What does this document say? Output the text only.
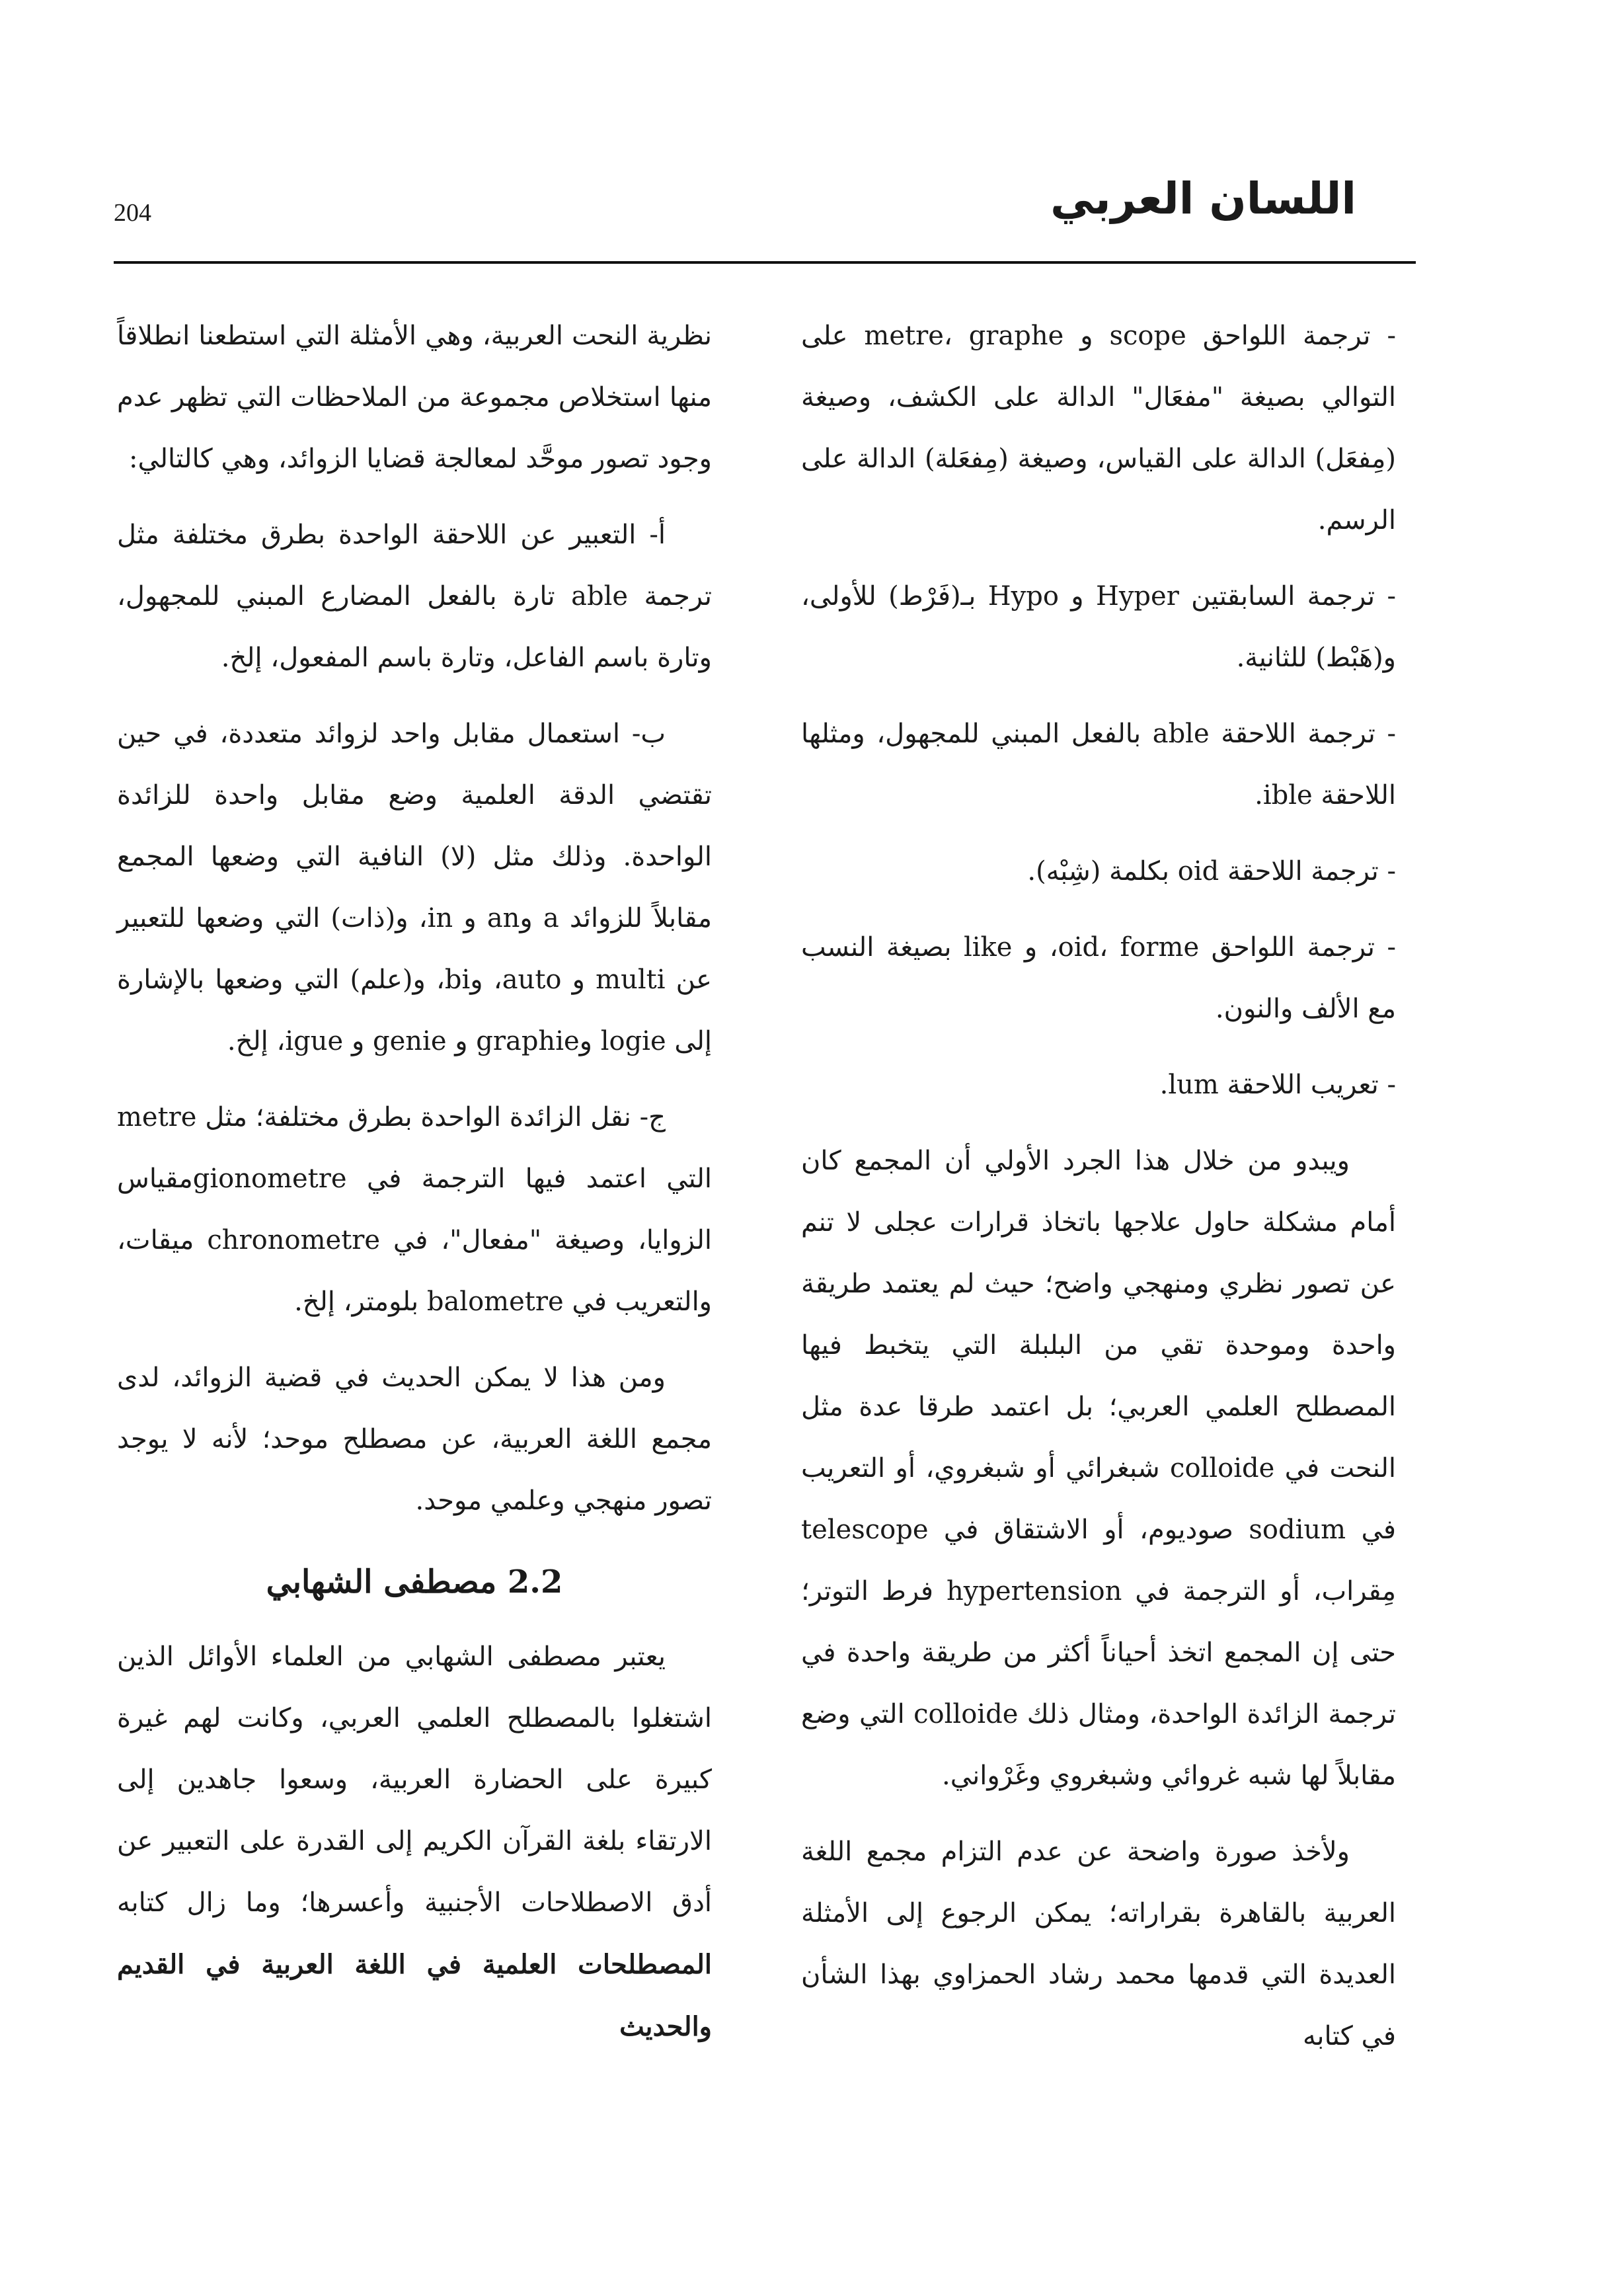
204	اللسان العربي

- ترجمة اللواحق scope و metre، graphe على التوالي بصيغة "مفعَال" الدالة على الكشف، وصيغة (مِفعَل) الدالة على القياس، وصيغة (مِفعَلة) الدالة على الرسم.

- ترجمة السابقتين Hyper و Hypo بـ(فَرْط) للأولى، و(هَبْط) للثانية.

- ترجمة اللاحقة able بالفعل المبني للمجهول، ومثلها اللاحقة ible.

- ترجمة اللاحقة oid بكلمة (شِبْه).

- ترجمة اللواحق oid، forme، و like بصيغة النسب مع الألف والنون.

- تعريب اللاحقة lum.

ويبدو من خلال هذا الجرد الأولي أن المجمع كان أمام مشكلة حاول علاجها باتخاذ قرارات عجلى لا تنم عن تصور نظري ومنهجي واضح؛ حيث لم يعتمد طريقة واحدة وموحدة تقي من البلبلة التي يتخبط فيها المصطلح العلمي العربي؛ بل اعتمد طرقا عدة مثل النحت في colloide شبغرائي أو شبغروي، أو التعريب في sodium صوديوم، أو الاشتقاق في telescope مِقراب، أو الترجمة في hypertension فرط التوتر؛ حتى إن المجمع اتخذ أحياناً أكثر من طريقة واحدة في ترجمة الزائدة الواحدة، ومثال ذلك colloide التي وضع مقابلاً لها شبه غروائي وشبغروي وغَرْواني.

ولأخذ صورة واضحة عن عدم التزام مجمع اللغة العربية بالقاهرة بقراراته؛ يمكن الرجوع إلى الأمثلة العديدة التي قدمها محمد رشاد الحمزاوي بهذا الشأن في كتابه

نظرية النحت العربية، وهي الأمثلة التي استطعنا انطلاقاً منها استخلاص مجموعة من الملاحظات التي تظهر عدم وجود تصور موحَّد لمعالجة قضايا الزوائد، وهي كالتالي:

أ- التعبير عن اللاحقة الواحدة بطرق مختلفة مثل ترجمة able تارة بالفعل المضارع المبني للمجهول، وتارة باسم الفاعل، وتارة باسم المفعول، إلخ.

ب- استعمال مقابل واحد لزوائد متعددة، في حين تقتضي الدقة العلمية وضع مقابل واحدة للزائدة الواحدة. وذلك مثل (لا) النافية التي وضعها المجمع مقابلاً للزوائد a وan و in، و(ذات) التي وضعها للتعبير عن multi و auto، وbi، و(علم) التي وضعها بالإشارة إلى logie وgraphie و genie و igue، إلخ.

ج- نقل الزائدة الواحدة بطرق مختلفة؛ مثل metre التي اعتمد فيها الترجمة في gionometreمقياس الزوايا، وصيغة "مفعال"، في chronometre ميقات، والتعريب في balometre بلومتر، إلخ.

ومن هذا لا يمكن الحديث في قضية الزوائد، لدى مجمع اللغة العربية، عن مصطلح موحد؛ لأنه لا يوجد تصور منهجي وعلمي موحد.

2.2 مصطفى الشهابي

يعتبر مصطفى الشهابي من العلماء الأوائل الذين اشتغلوا بالمصطلح العلمي العربي، وكانت لهم غيرة كبيرة على الحضارة العربية، وسعوا جاهدين إلى الارتقاء بلغة القرآن الكريم إلى القدرة على التعبير عن أدق الاصطلاحات الأجنبية وأعسرها؛ وما زال كتابه المصطلحات العلمية في اللغة العربية في القديم والحديث
